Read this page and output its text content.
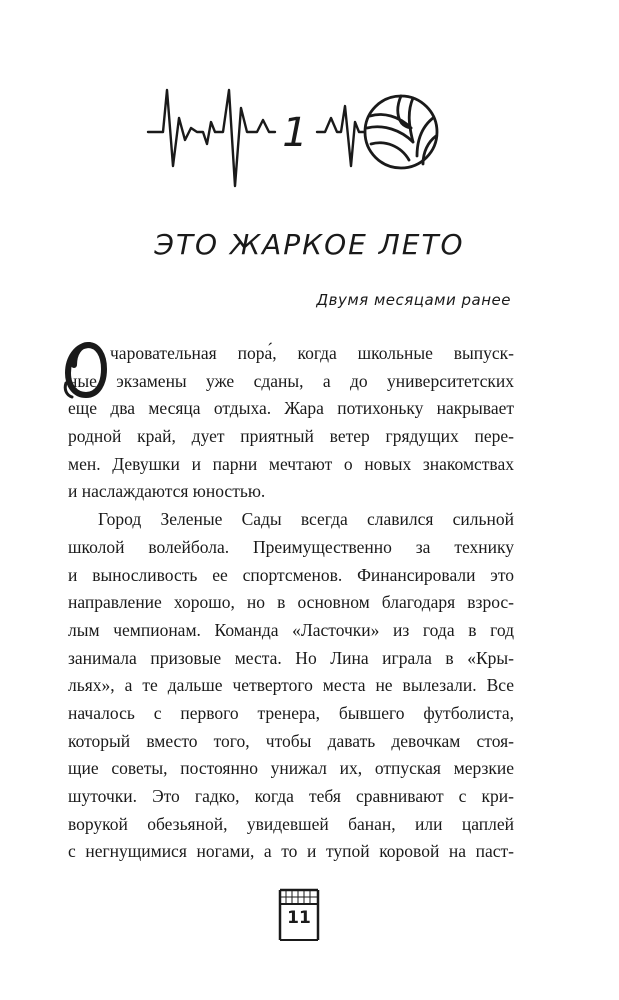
1
ЭТО ЖАРКОЕ ЛЕТО
Двумя месяцами ранее
О
чаровательная пора́, когда школьные выпуск-
ные экзамены уже сданы, а до университетских
еще два месяца отдыха. Жара потихоньку накрывает
родной край, дует приятный ветер грядущих пере-
мен. Девушки и парни мечтают о новых знакомствах
и наслаждаются юностью.
Город Зеленые Сады всегда славился сильной
школой волейбола. Преимущественно за технику
и выносливость ее спортсменов. Финансировали это
направление хорошо, но в основном благодаря взрос-
лым чемпионам. Команда «Ласточки» из года в год
занимала призовые места. Но Лина играла в «Кры-
льях», а те дальше четвертого места не вылезали. Все
началось с первого тренера, бывшего футболиста,
который вместо того, чтобы давать девочкам стоя-
щие советы, постоянно унижал их, отпуская мерзкие
шуточки. Это гадко, когда тебя сравнивают с кри-
ворукой обезьяной, увидевшей банан, или цаплей
с негнущимися ногами, а то и тупой коровой на паст-
11
